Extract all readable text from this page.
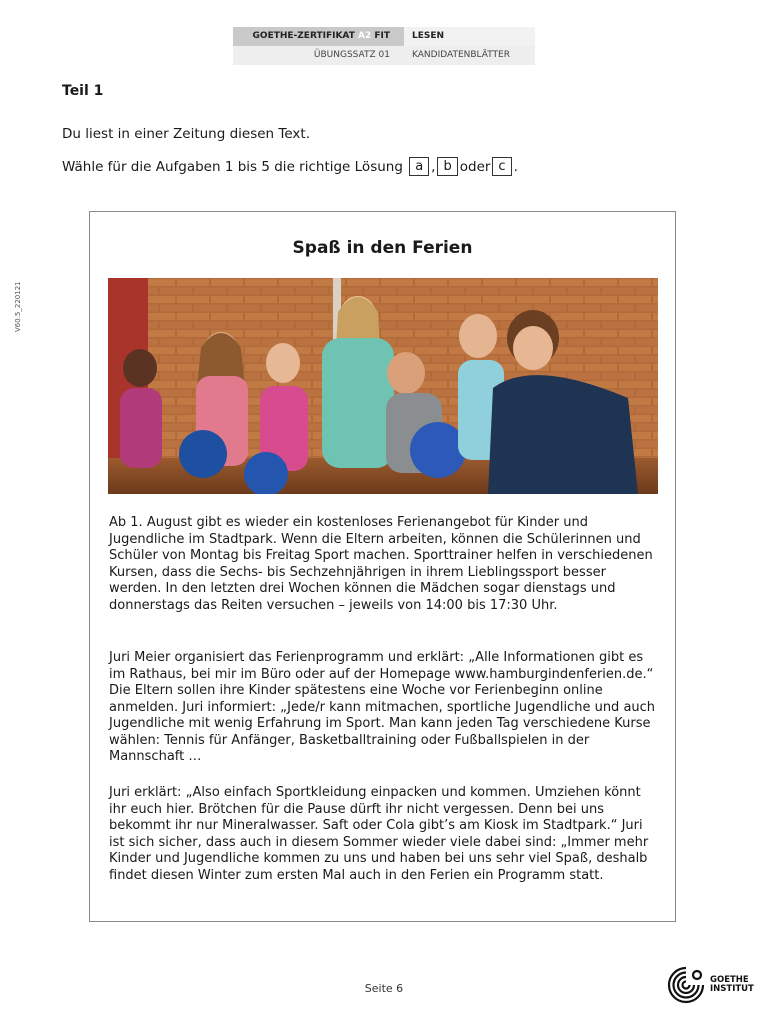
GOETHE-ZERTIFIKAT A2 FIT	LESEN
ÜBUNGSSATZ 01	KANDIDATENBLÄTTER
V60.5_220121
Teil 1
Du liest in einer Zeitung diesen Text.
Wähle für die Aufgaben 1 bis 5 die richtige Lösung a , b oder c .
Spaß in den Ferien

Ab 1. August gibt es wieder ein kostenloses Ferienangebot für Kinder und Jugendliche im Stadtpark. Wenn die Eltern arbeiten, können die Schülerinnen und Schüler von Montag bis Freitag Sport machen. Sporttrainer helfen in verschiedenen Kursen, dass die Sechs- bis Sechzehnjährigen in ihrem Lieblingssport besser werden. In den letzten drei Wochen können die Mädchen sogar dienstags und donnerstags das Reiten versuchen – jeweils von 14:00 bis 17:30 Uhr.

Juri Meier organisiert das Ferienprogramm und erklärt: „Alle Informationen gibt es im Rathaus, bei mir im Büro oder auf der Homepage www.hamburgindenferien.de.“ Die Eltern sollen ihre Kinder spätestens eine Woche vor Ferienbeginn online anmelden. Juri informiert: „Jede/r kann mitmachen, sportliche Jugendliche und auch Jugendliche mit wenig Erfahrung im Sport. Man kann jeden Tag verschiedene Kurse wählen: Tennis für Anfänger, Basketballtraining oder Fußballspielen in der Mannschaft …

Juri erklärt: „Also einfach Sportkleidung einpacken und kommen. Umziehen könnt ihr euch hier. Brötchen für die Pause dürft ihr nicht vergessen. Denn bei uns bekommt ihr nur Mineralwasser. Saft oder Cola gibt’s am Kiosk im Stadtpark.“ Juri ist sich sicher, dass auch in diesem Sommer wieder viele dabei sind: „Immer mehr Kinder und Jugendliche kommen zu uns und haben bei uns sehr viel Spaß, deshalb findet diesen Winter zum ersten Mal auch in den Ferien ein Programm statt.

Seite 6
GOETHE
INSTITUT
